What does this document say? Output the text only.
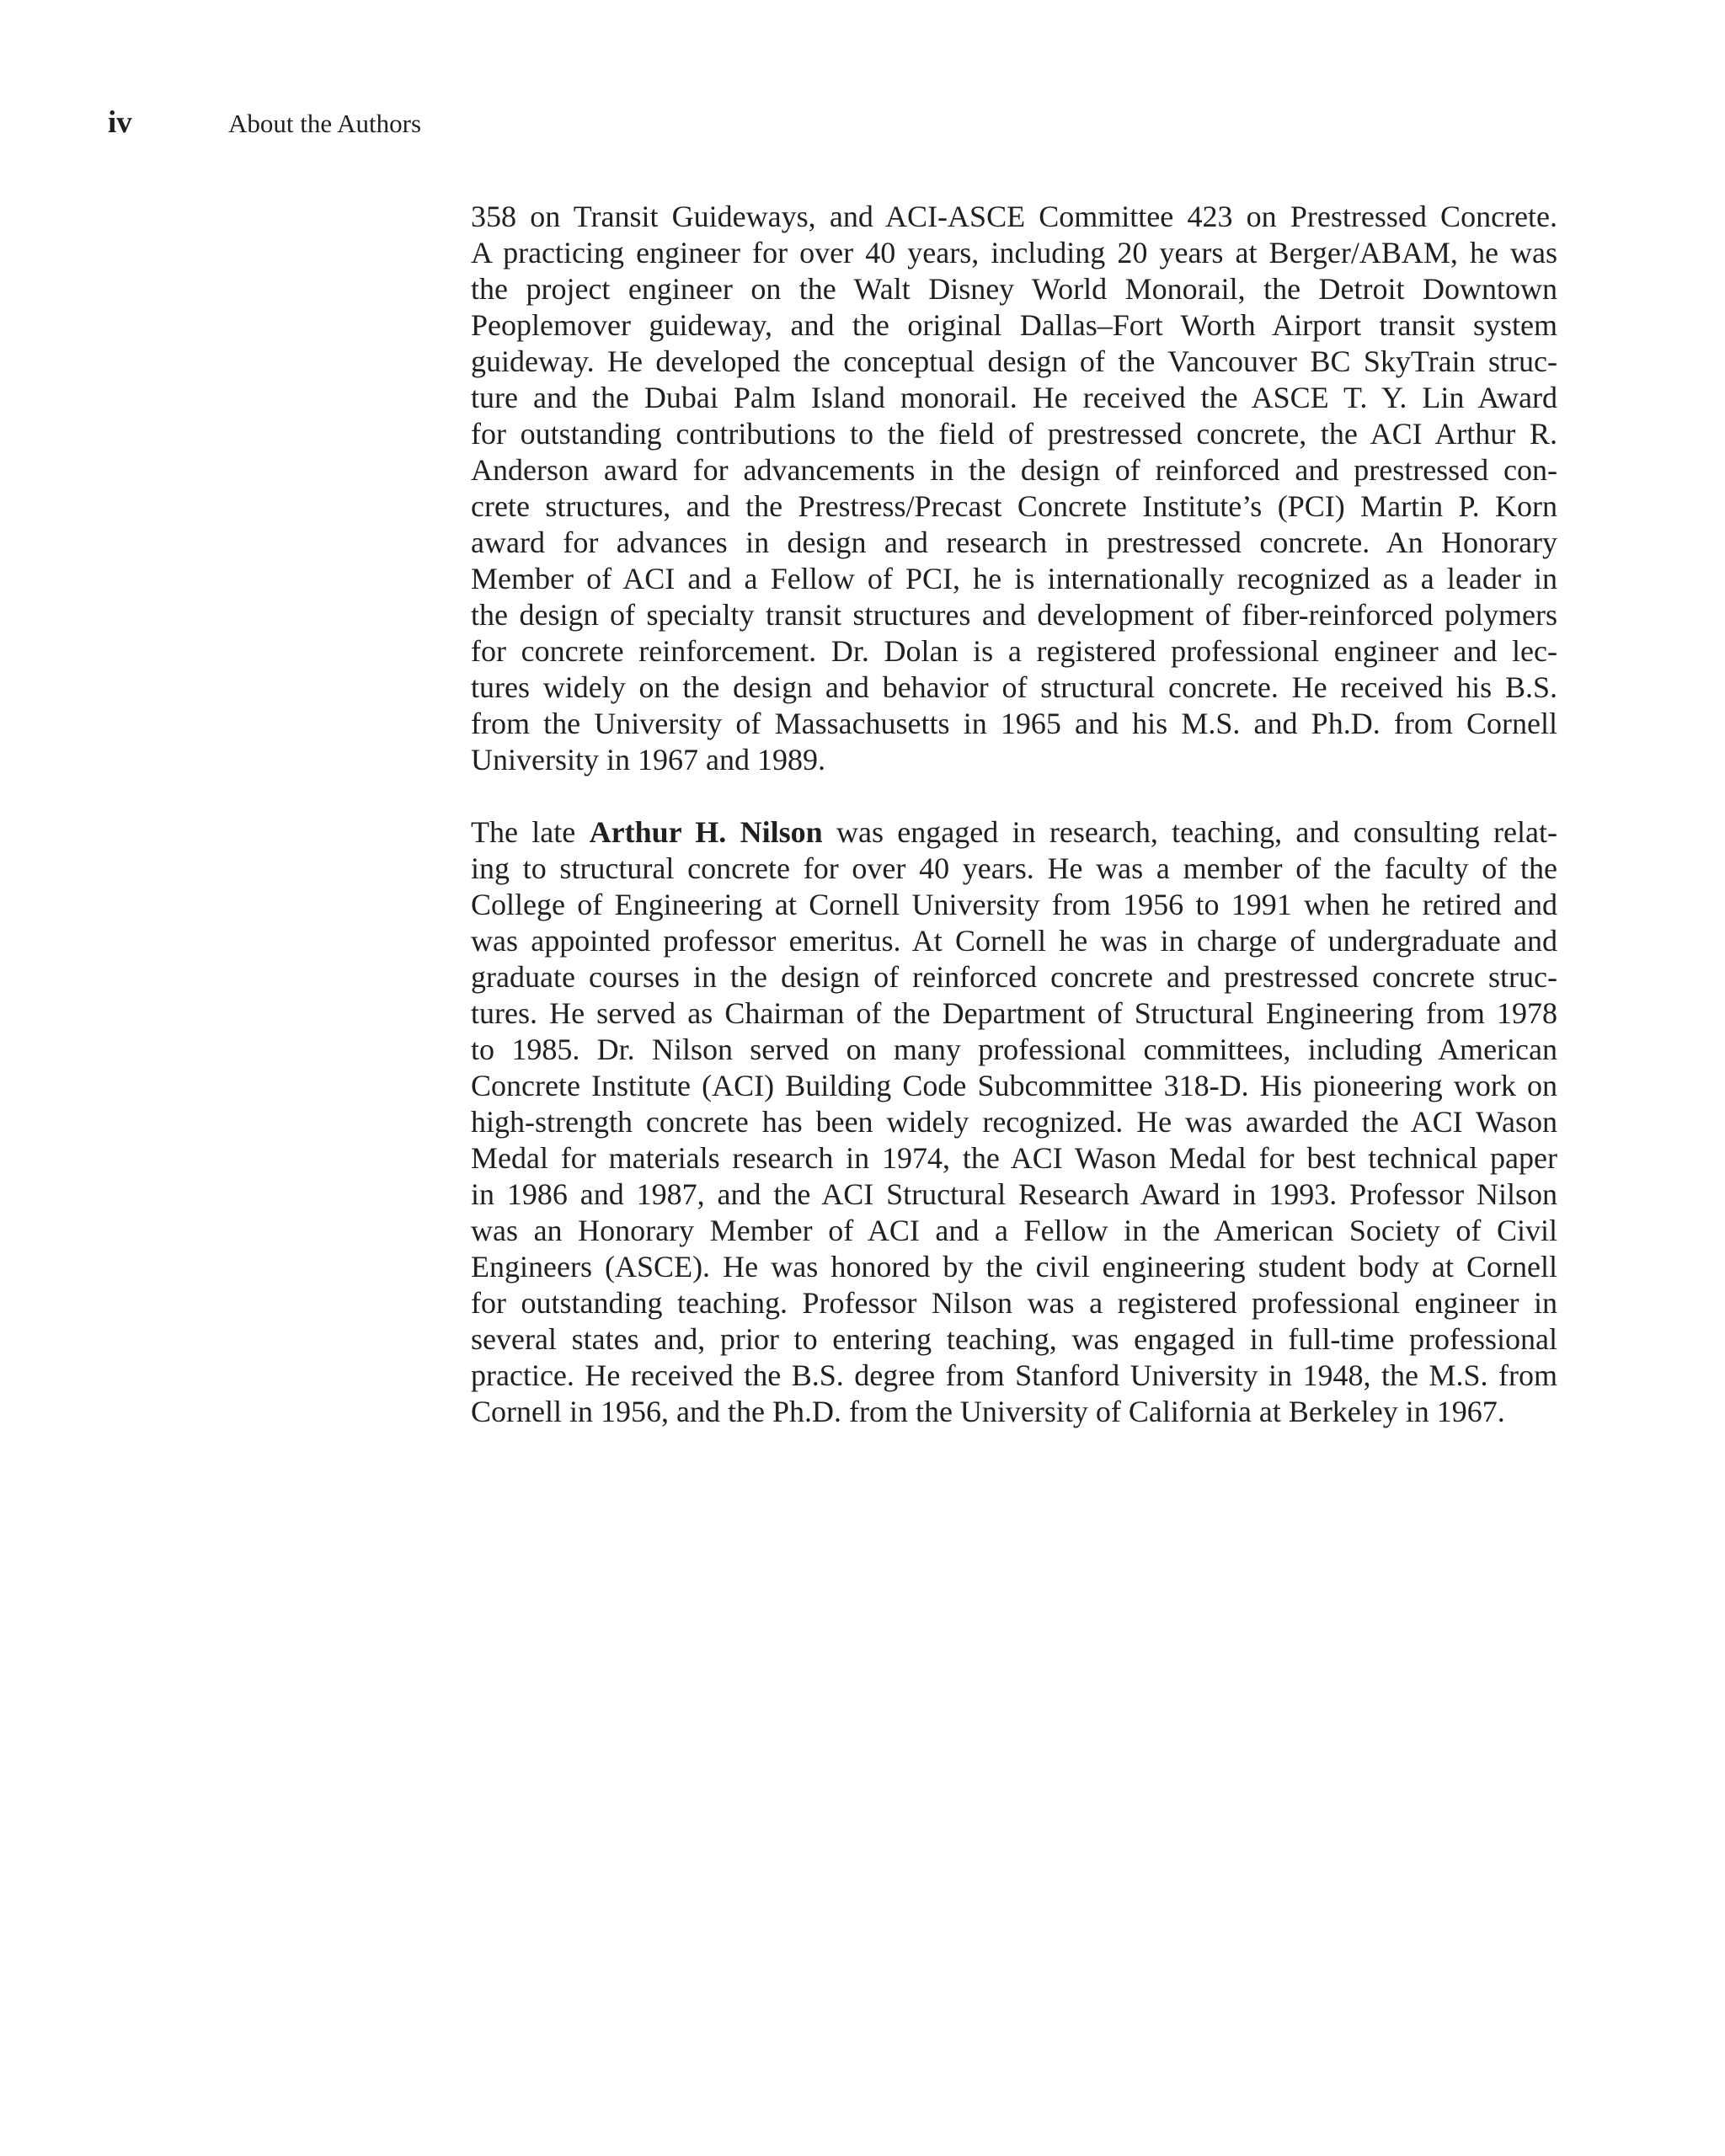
iv	About the Authors

358 on Transit Guideways, and ACI-ASCE Committee 423 on Prestressed Concrete.
A practicing engineer for over 40 years, including 20 years at Berger/ABAM, he was
the project engineer on the Walt Disney World Monorail, the Detroit Downtown
Peoplemover guideway, and the original Dallas–Fort Worth Airport transit system
guideway. He developed the conceptual design of the Vancouver BC SkyTrain struc-
ture and the Dubai Palm Island monorail. He received the ASCE T. Y. Lin Award
for outstanding contributions to the field of prestressed concrete, the ACI Arthur R.
Anderson award for advancements in the design of reinforced and prestressed con-
crete structures, and the Prestress/Precast Concrete Institute’s (PCI) Martin P. Korn
award for advances in design and research in prestressed concrete. An Honorary
Member of ACI and a Fellow of PCI, he is internationally recognized as a leader in
the design of specialty transit structures and development of fiber-reinforced polymers
for concrete reinforcement. Dr. Dolan is a registered professional engineer and lec-
tures widely on the design and behavior of structural concrete. He received his B.S.
from the University of Massachusetts in 1965 and his M.S. and Ph.D. from Cornell
University in 1967 and 1989.

The late Arthur H. Nilson was engaged in research, teaching, and consulting relat-
ing to structural concrete for over 40 years. He was a member of the faculty of the
College of Engineering at Cornell University from 1956 to 1991 when he retired and
was appointed professor emeritus. At Cornell he was in charge of undergraduate and
graduate courses in the design of reinforced concrete and prestressed concrete struc-
tures. He served as Chairman of the Department of Structural Engineering from 1978
to 1985. Dr. Nilson served on many professional committees, including American
Concrete Institute (ACI) Building Code Subcommittee 318-D. His pioneering work on
high-strength concrete has been widely recognized. He was awarded the ACI Wason
Medal for materials research in 1974, the ACI Wason Medal for best technical paper
in 1986 and 1987, and the ACI Structural Research Award in 1993. Professor Nilson
was an Honorary Member of ACI and a Fellow in the American Society of Civil
Engineers (ASCE). He was honored by the civil engineering student body at Cornell
for outstanding teaching. Professor Nilson was a registered professional engineer in
several states and, prior to entering teaching, was engaged in full-time professional
practice. He received the B.S. degree from Stanford University in 1948, the M.S. from
Cornell in 1956, and the Ph.D. from the University of California at Berkeley in 1967.
